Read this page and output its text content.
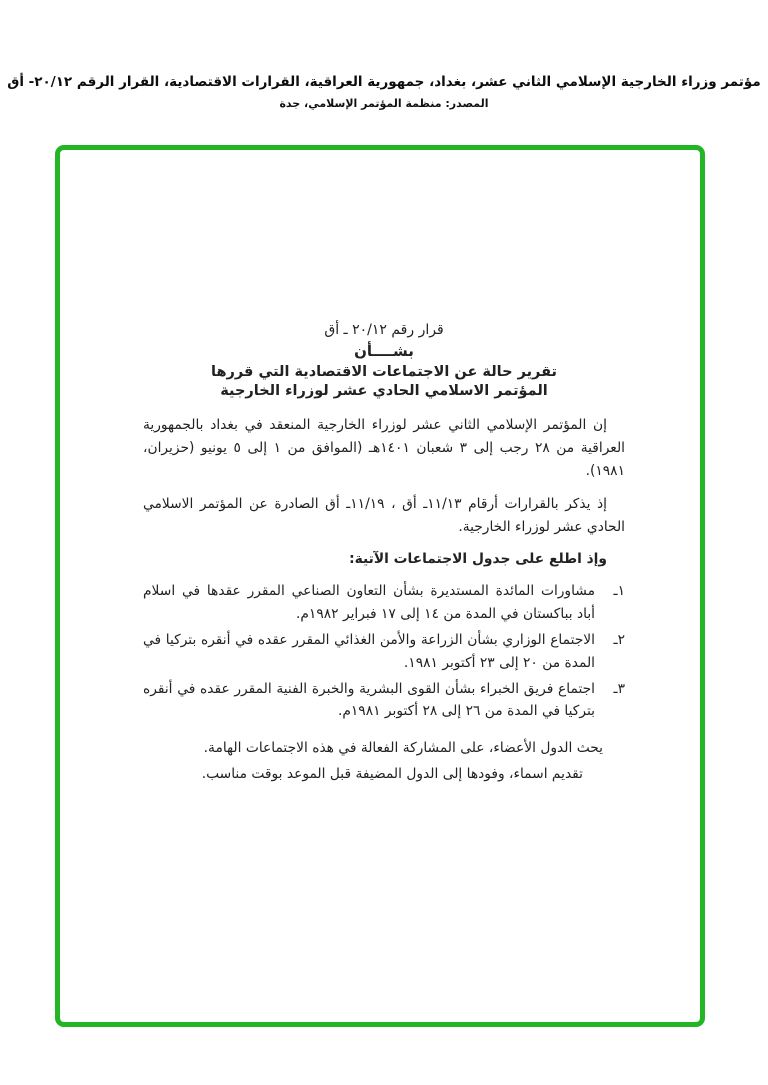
مؤتمر وزراء الخارجية الإسلامي الثاني عشر، بغداد، جمهورية العراقية، القرارات الاقتصادية، القرار الرقم ٢٠/١٢- أق
المصدر: منظمة المؤتمر الإسلامي، جدة
قرار رقم ٢٠/١٢ ـ أق
بشــــأن
تقرير حالة عن الاجتماعات الاقتصادية التي قررها
المؤتمر الاسلامي الحادي عشر لوزراء الخارجية

إن المؤتمر الإسلامي الثاني عشر لوزراء الخارجية المنعقد في بغداد بالجمهورية العراقية من ٢٨ رجب إلى ٣ شعبان ١٤٠١هـ (الموافق من ١ إلى ٥ يونيو (حزيران، ١٩٨١).

إذ يذكر بالقرارات أرقام ١١/١٣ـ أق ، ١١/١٩ـ أق الصادرة عن المؤتمر الاسلامي الحادي عشر لوزراء الخارجية.

وإذ اطلع على جدول الاجتماعات الآتية:

١ـ
مشاورات المائدة المستديرة بشأن التعاون الصناعي المقرر عقدها في اسلام أباد بباكستان في المدة من ١٤ إلى ١٧ فبراير ١٩٨٢م.
٢ـ
الاجتماع الوزاري بشأن الزراعة والأمن الغذائي المقرر عقده في أنقره بتركيا في المدة من ٢٠ إلى ٢٣ أكتوبر ١٩٨١.
٣ـ
اجتماع فريق الخبراء بشأن القوى البشرية والخبرة الفنية المقرر عقده في أنقره بتركيا في المدة من ٢٦ إلى ٢٨ أكتوبر ١٩٨١م.
يحث الدول الأعضاء، على المشاركة الفعالة في هذه الاجتماعات الهامة.
تقديم اسماء، وفودها إلى الدول المضيفة قبل الموعد بوقت مناسب.
